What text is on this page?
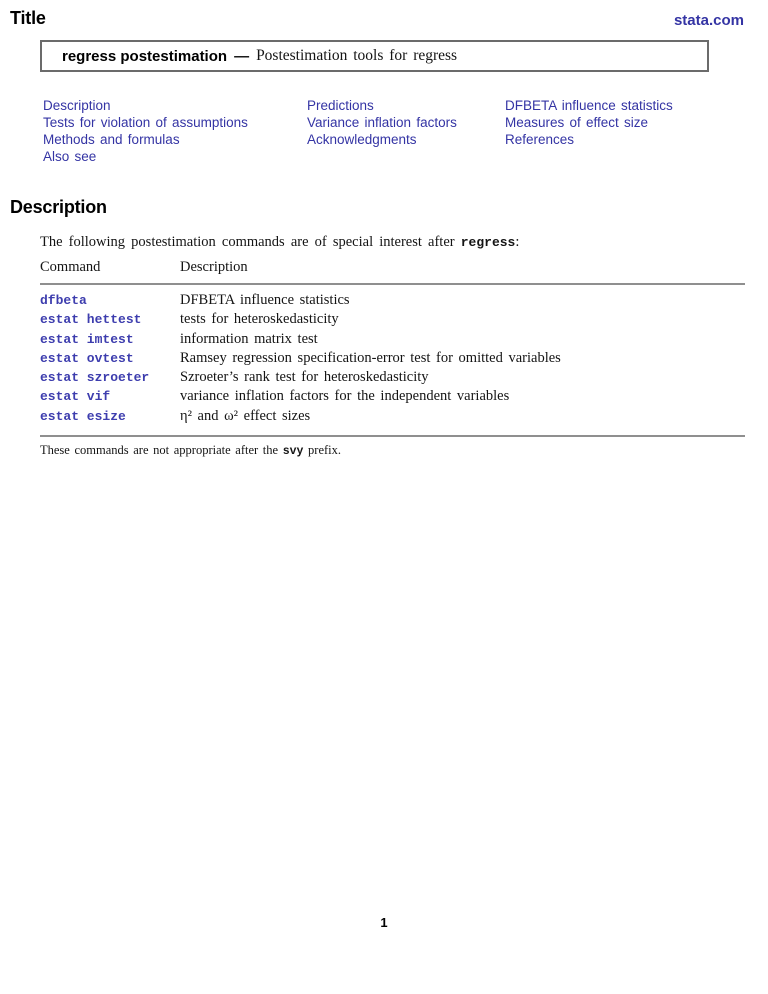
Title	stata.com
regress postestimation — Postestimation tools for regress
Description
Tests for violation of assumptions
Methods and formulas
Also see
Predictions
Variance inflation factors
Acknowledgments
DFBETA influence statistics
Measures of effect size
References
Description

The following postestimation commands are of special interest after regress:

Command	Description
dfbeta	DFBETA influence statistics
estat hettest	tests for heteroskedasticity
estat imtest	information matrix test
estat ovtest	Ramsey regression specification-error test for omitted variables
estat szroeter	Szroeter’s rank test for heteroskedasticity
estat vif	variance inflation factors for the independent variables
estat esize	η² and ω² effect sizes

These commands are not appropriate after the svy prefix.

1
